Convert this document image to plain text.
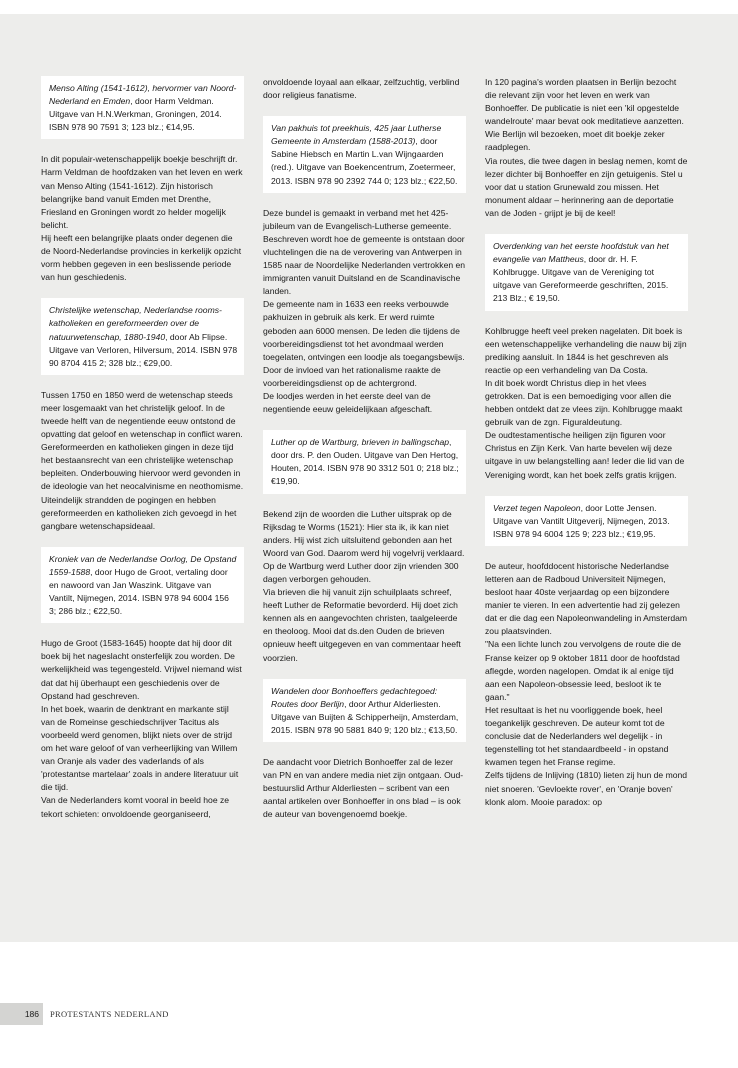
Menso Alting (1541-1612), hervormer van Noord-Nederland en Emden, door Harm Veldman. Uitgave van H.N.Werkman, Groningen, 2014. ISBN 978 90 7591 3; 123 blz.; €14,95.
In dit populair-wetenschappelijk boekje beschrijft dr. Harm Veldman de hoofdzaken van het leven en werk van Menso Alting (1541-1612). Zijn historisch belangrijke band vanuit Emden met Drenthe, Friesland en Groningen wordt zo helder mogelijk belicht.
Hij heeft een belangrijke plaats onder degenen die de Noord-Nederlandse provincies in kerkelijk opzicht vorm hebben gegeven in een beslissende periode van hun geschiedenis.
Christelijke wetenschap, Nederlandse rooms-katholieken en gereformeerden over de natuurwetenschap, 1880-1940, door Ab Flipse. Uitgave van Verloren, Hilversum, 2014. ISBN 978 90 8704 415 2; 328 blz.; €29,00.
Tussen 1750 en 1850 werd de wetenschap steeds meer losgemaakt van het christelijk geloof. In de tweede helft van de negentiende eeuw ontstond de opvatting dat geloof en wetenschap in conflict waren. Gereformeerden en katholieken gingen in deze tijd het bestaansrecht van een christelijke wetenschap bepleiten. Onderbouwing hiervoor werd gevonden in de ideologie van het neocalvinisme en neothomisme. Uiteindelijk strandden de pogingen en hebben gereformeerden en katholieken zich gevoegd in het gangbare wetenschapsideaal.
Kroniek van de Nederlandse Oorlog, De Opstand 1559-1588, door Hugo de Groot, vertaling door en nawoord van Jan Waszink. Uitgave van Vantilt, Nijmegen, 2014. ISBN 978 94 6004 156 3; 286 blz.; €22,50.
Hugo de Groot (1583-1645) hoopte dat hij door dit boek bij het nageslacht onsterfelijk zou worden. De werkelijkheid was tegengesteld. Vrijwel niemand wist dat dat hij überhaupt een geschiedenis over de Opstand had geschreven.
In het boek, waarin de denktrant en markante stijl van de Romeinse geschiedschrijver Tacitus als voorbeeld werd genomen, blijkt niets over de strijd om het ware geloof of van verheerlijking van Willem van Oranje als vader des vaderlands of als 'protestantse martelaar' zoals in andere literatuur uit die tijd.
Van de Nederlanders komt vooral in beeld hoe ze tekort schieten: onvoldoende georganiseerd,
onvoldoende loyaal aan elkaar, zelfzuchtig, verblind door religieus fanatisme.
Van pakhuis tot preekhuis, 425 jaar Lutherse Gemeente in Amsterdam (1588-2013), door Sabine Hiebsch en Martin L.van Wijngaarden (red.). Uitgave van Boekencentrum, Zoetermeer, 2013. ISBN 978 90 2392 744 0; 123 blz.; €22,50.
Deze bundel is gemaakt in verband met het 425-jubileum van de Evangelisch-Lutherse gemeente. Beschreven wordt hoe de gemeente is ontstaan door vluchtelingen die na de verovering van Antwerpen in 1585 naar de Noordelijke Nederlanden vertrokken en immigranten vanuit Duitsland en de Scandinavische landen.
De gemeente nam in 1633 een reeks verbouwde pakhuizen in gebruik als kerk. Er werd ruimte geboden aan 6000 mensen. De leden die tijdens de voorbereidingsdienst tot het avondmaal werden toegelaten, ontvingen een loodje als toegangsbewijs.
Door de invloed van het rationalisme raakte de voorbereidingsdienst op de achtergrond.
De loodjes werden in het eerste deel van de negentiende eeuw geleidelijkaan afgeschaft.
Luther op de Wartburg, brieven in ballingschap, door drs. P. den Ouden. Uitgave van Den Hertog, Houten, 2014. ISBN 978 90 3312 501 0; 218 blz.; €19,90.
Bekend zijn de woorden die Luther uitsprak op de Rijksdag te Worms (1521): Hier sta ik, ik kan niet anders. Hij wist zich uitsluitend gebonden aan het Woord van God. Daarom werd hij vogelvrij verklaard. Op de Wartburg werd Luther door zijn vrienden 300 dagen verborgen gehouden.
Via brieven die hij vanuit zijn schuilplaats schreef, heeft Luther de Reformatie bevorderd. Hij doet zich kennen als en aangevochten christen, taalgeleerde en theoloog. Mooi dat ds.den Ouden de brieven opnieuw heeft uitgegeven en van commentaar heeft voorzien.
Wandelen door Bonhoeffers gedachtegoed: Routes door Berlijn, door Arthur Alderliesten. Uitgave van Buijten & Schipperheijn, Amsterdam, 2015. ISBN 978 90 5881 840 9; 120 blz.; €13,50.
De aandacht voor Dietrich Bonhoeffer zal de lezer van PN en van andere media niet zijn ontgaan. Oud-bestuurslid Arthur Alderliesten – scribent van een aantal artikelen over Bonhoeffer in ons blad – is ook de auteur van bovengenoemd boekje.
In 120 pagina's worden plaatsen in Berlijn bezocht die relevant zijn voor het leven en werk van Bonhoeffer. De publicatie is niet een 'kil opgestelde wandelroute' maar bevat ook meditatieve aanzetten. Wie Berlijn wil bezoeken, moet dit boekje zeker raadplegen.
Via routes, die twee dagen in beslag nemen, komt de lezer dichter bij Bonhoeffer en zijn getuigenis. Stel u voor dat u station Grunewald zou missen. Het monument aldaar – herinnering aan de deportatie van de Joden - grijpt je bij de keel!
Overdenking van het eerste hoofdstuk van het evangelie van Mattheus, door dr. H. F. Kohlbrugge. Uitgave van de Vereniging tot uitgave van Gereformeerde geschriften, 2015. 213 Blz.; € 19,50.
Kohlbrugge heeft veel preken nagelaten. Dit boek is een wetenschappelijke verhandeling die nauw bij zijn prediking aansluit. In 1844 is het geschreven als reactie op een verhandeling van Da Costa.
In dit boek wordt Christus diep in het vlees getrokken. Dat is een bemoediging voor allen die hebben ontdekt dat ze vlees zijn. Kohlbrugge maakt gebruik van de zgn. Figuraldeutung.
De oudtestamentische heiligen zijn figuren voor Christus en Zijn Kerk. Van harte bevelen wij deze uitgave in uw belangstelling aan! Ieder die lid van de Vereniging wordt, kan het boek zelfs gratis krijgen.
Verzet tegen Napoleon, door Lotte Jensen. Uitgave van Vantilt Uitgeverij, Nijmegen, 2013. ISBN 978 94 6004 125 9; 223 blz.; €19,95.
De auteur, hoofddocent historische Nederlandse letteren aan de Radboud Universiteit Nijmegen, besloot haar 40ste verjaardag op een bijzondere manier te vieren. In een advertentie had zij gelezen dat er die dag een Napoleonwandeling in Amsterdam zou plaatsvinden.
"Na een lichte lunch zou vervolgens de route die de Franse keizer op 9 oktober 1811 door de hoofdstad aflegde, worden nagelopen. Omdat ik al enige tijd aan een Napoleon-obsessie leed, besloot ik te gaan."
Het resultaat is het nu voorliggende boek, heel toegankelijk geschreven. De auteur komt tot de conclusie dat de Nederlanders wel degelijk - in tegenstelling tot het standaardbeeld - in opstand kwamen tegen het Franse regime.
Zelfs tijdens de Inlijving (1810) lieten zij hun de mond niet snoeren. 'Gevloekte rover', en 'Oranje boven' klonk alom. Mooie paradox: op
186	PROTESTANTS NEDERLAND
